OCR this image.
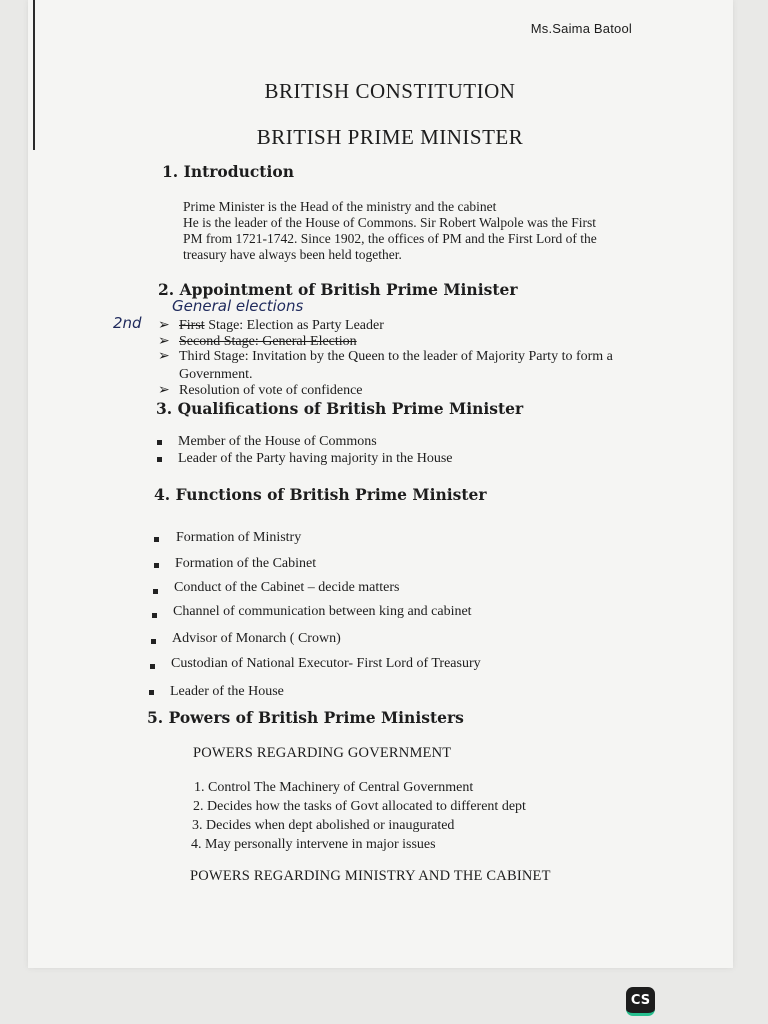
Ms.Saima Batool
BRITISH CONSTITUTION
BRITISH PRIME MINISTER
1. Introduction
Prime Minister is the Head of the ministry and the cabinet
He is the leader of the House of Commons. Sir Robert Walpole was the First
PM from 1721-1742. Since 1902, the offices of PM and the First Lord of the
treasury have always been held together.
2. Appointment of British Prime Minister
General elections
2nd ➢ First Stage: Election as Party Leader
➢ Second Stage: General Election
➢ Third Stage: Invitation by the Queen to the leader of Majority Party to form a
Government.
➢ Resolution of vote of confidence
3. Qualifications of British Prime Minister
Member of the House of Commons
Leader of the Party having majority in the House
4. Functions of British Prime Minister
Formation of Ministry
Formation of the Cabinet
Conduct of the Cabinet – decide matters
Channel of communication between king and cabinet
Advisor of Monarch ( Crown)
Custodian of National Executor- First Lord of Treasury
Leader of the House
5. Powers of British Prime Ministers
POWERS REGARDING GOVERNMENT
1. Control The Machinery of Central Government
2. Decides how the tasks of Govt allocated to different dept
3. Decides when dept abolished or inaugurated
4. May personally intervene in major issues
POWERS REGARDING MINISTRY AND THE CABINET
CS
